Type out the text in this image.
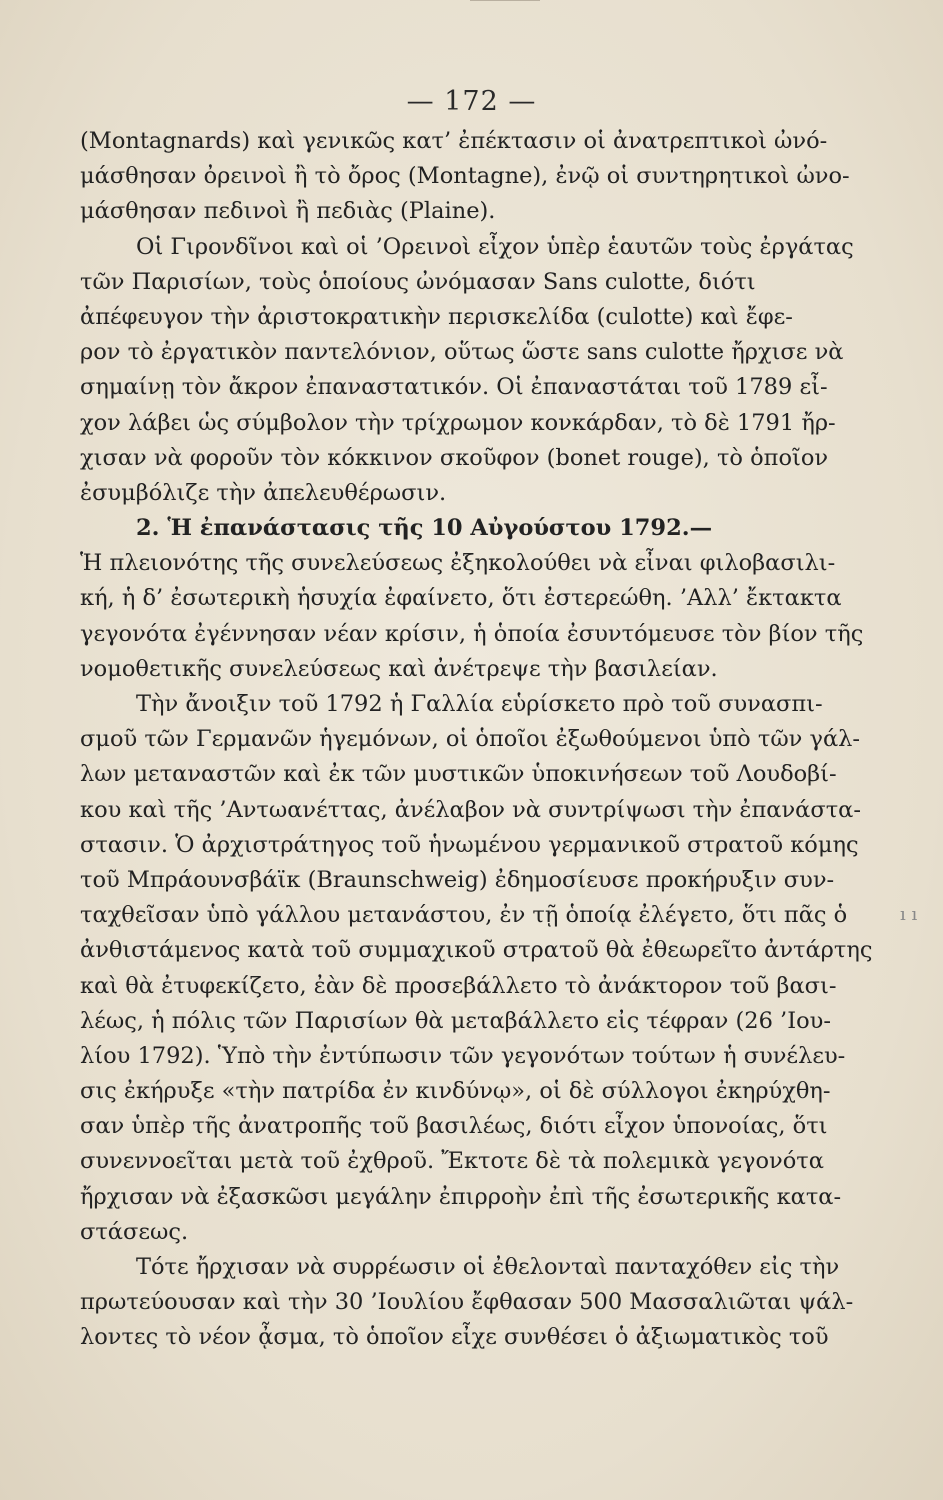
— 172 —
ı ı
(Montagnards) καὶ γενικῶς κατ’ ἐπέκτασιν οἱ ἀνατρεπτικοὶ ὠνό-
μάσθησαν ὀρεινοὶ ἢ τὸ ὄρος (Montagne), ἐνῷ οἱ συντηρητικοὶ ὠνο-
μάσθησαν πεδινοὶ ἢ πεδιὰς (Plaine).
Οἱ Γιρονδῖνοι καὶ οἱ ’Ορεινοὶ εἶχον ὑπὲρ ἑαυτῶν τοὺς ἐργάτας
τῶν Παρισίων, τοὺς ὁποίους ὠνόμασαν Sans culotte, διότι
ἀπέφευγον τὴν ἀριστοκρατικὴν περισκελίδα (culotte) καὶ ἔφε-
ρον τὸ ἐργατικὸν παντελόνιον, οὕτως ὥστε sans culotte ἤρχισε νὰ
σημαίνῃ τὸν ἄκρον ἐπαναστατικόν. Οἱ ἐπαναστάται τοῦ 1789 εἶ-
χον λάβει ὡς σύμβολον τὴν τρίχρωμον κονκάρδαν, τὸ δὲ 1791 ἤρ-
χισαν νὰ φοροῦν τὸν κόκκινον σκοῦφον (bonet rouge), τὸ ὁποῖον
ἐσυμβόλιζε τὴν ἀπελευθέρωσιν.
2. Ἡ ἐπανάστασις τῆς 10 Αὐγούστου 1792.—
Ἡ πλειονότης τῆς συνελεύσεως ἐξηκολούθει νὰ εἶναι φιλοβασιλι-
κή, ἡ δ’ ἐσωτερικὴ ἡσυχία ἐφαίνετο, ὅτι ἐστερεώθη. ’Αλλ’ ἔκτακτα
γεγονότα ἐγέννησαν νέαν κρίσιν, ἡ ὁποία ἐσυντόμευσε τὸν βίον τῆς
νομοθετικῆς συνελεύσεως καὶ ἀνέτρεψε τὴν βασιλείαν.
Τὴν ἄνοιξιν τοῦ 1792 ἡ Γαλλία εὑρίσκετο πρὸ τοῦ συνασπι-
σμοῦ τῶν Γερμανῶν ἡγεμόνων, οἱ ὁποῖοι ἐξωθούμενοι ὑπὸ τῶν γάλ-
λων μεταναστῶν καὶ ἐκ τῶν μυστικῶν ὑποκινήσεων τοῦ Λουδοβί-
κου καὶ τῆς ’Αντωανέττας, ἀνέλαβον νὰ συντρίψωσι τὴν ἐπανάστα-
στασιν. Ὁ ἀρχιστράτηγος τοῦ ἡνωμένου γερμανικοῦ στρατοῦ κόμης
τοῦ Μπράουνσβάϊκ (Braunschweig) ἐδημοσίευσε προκήρυξιν συν-
ταχθεῖσαν ὑπὸ γάλλου μετανάστου, ἐν τῇ ὁποίᾳ ἐλέγετο, ὅτι πᾶς ὁ
ἀνθιστάμενος κατὰ τοῦ συμμαχικοῦ στρατοῦ θὰ ἐθεωρεῖτο ἀντάρτης
καὶ θὰ ἐτυφεκίζετο, ἐὰν δὲ προσεβάλλετο τὸ ἀνάκτορον τοῦ βασι-
λέως, ἡ πόλις τῶν Παρισίων θὰ μεταβάλλετο εἰς τέφραν (26 ’Ιου-
λίου 1792). Ὑπὸ τὴν ἐντύπωσιν τῶν γεγονότων τούτων ἡ συνέλευ-
σις ἐκήρυξε «τὴν πατρίδα ἐν κινδύνῳ», οἱ δὲ σύλλογοι ἐκηρύχθη-
σαν ὑπὲρ τῆς ἀνατροπῆς τοῦ βασιλέως, διότι εἶχον ὑπονοίας, ὅτι
συνεννοεῖται μετὰ τοῦ ἐχθροῦ. Ἔκτοτε δὲ τὰ πολεμικὰ γεγονότα
ἤρχισαν νὰ ἐξασκῶσι μεγάλην ἐπιρροὴν ἐπὶ τῆς ἐσωτερικῆς κατα-
στάσεως.
Τότε ἤρχισαν νὰ συρρέωσιν οἱ ἐθελονταὶ πανταχόθεν εἰς τὴν
πρωτεύουσαν καὶ τὴν 30 ’Ιουλίου ἔφθασαν 500 Μασσαλιῶται ψάλ-
λοντες τὸ νέον ᾆσμα, τὸ ὁποῖον εἶχε συνθέσει ὁ ἀξιωματικὸς τοῦ
